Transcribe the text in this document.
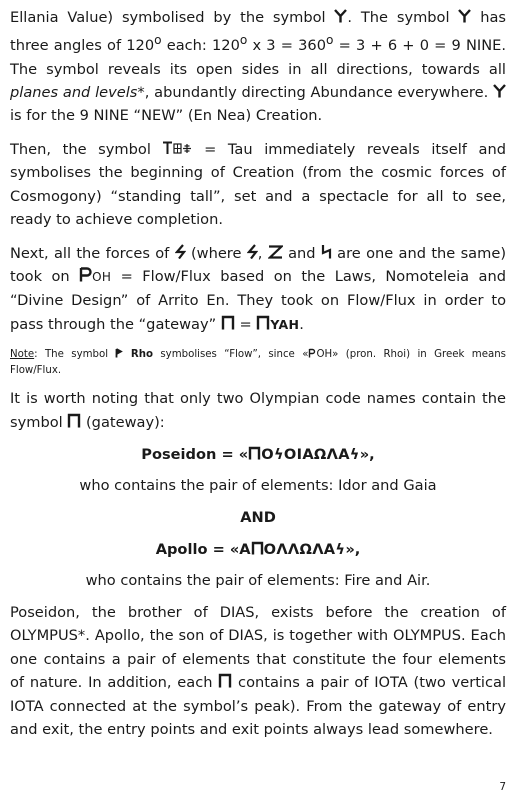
Ellania Value) symbolised by the symbol
. The symbol
has three angles of 120$^o$ each: 120$^o$ x $3 = 360^o = 3 + 6 + 0 = 9$ NINE. The symbol reveals its open sides in all directions, towards all planes and levels*, abundantly directing Abundance everywhere.
is for the 9 NINE “NEW” (En Nea) Creation.

Then, the symbol
= Tau immediately reveals itself and symbolises the beginning of Creation (from the cosmic forces of Cosmogony) “standing tall”, set and a spectacle for all to see, ready to achieve completion.

Next, all the forces of
(where
,
and
are one and the same) took on
OH = Flow/Flux based on the Laws, Nomoteleia and “Divine Design” of Arrito En. They took on Flow/Flux in order to pass through the “gateway”
=
YAH.

Note: The symbol
Rho symbolises “Flow”, since « OH» (pron. Rhoi) in Greek means Flow/Flux.

It is worth noting that only two Olympian code names contain the symbol
(gateway):

Poseidon = « OϟΟIAΩɅAϟ»,

who contains the pair of elements: Idor and Gaia

AND

Apollo = «A OΛΛΩɅAϟ»,

who contains the pair of elements: Fire and Air.

Poseidon, the brother of DIAS, exists before the creation of OLYMPUS*. Apollo, the son of DIAS, is together with OLYMPUS. Each one contains a pair of elements that constitute the four elements of nature. In addition, each
contains a pair of IOTA (two vertical IOTA connected at the symbol’s peak). From the gateway of entry and exit, the entry points and exit points always lead somewhere.

7
